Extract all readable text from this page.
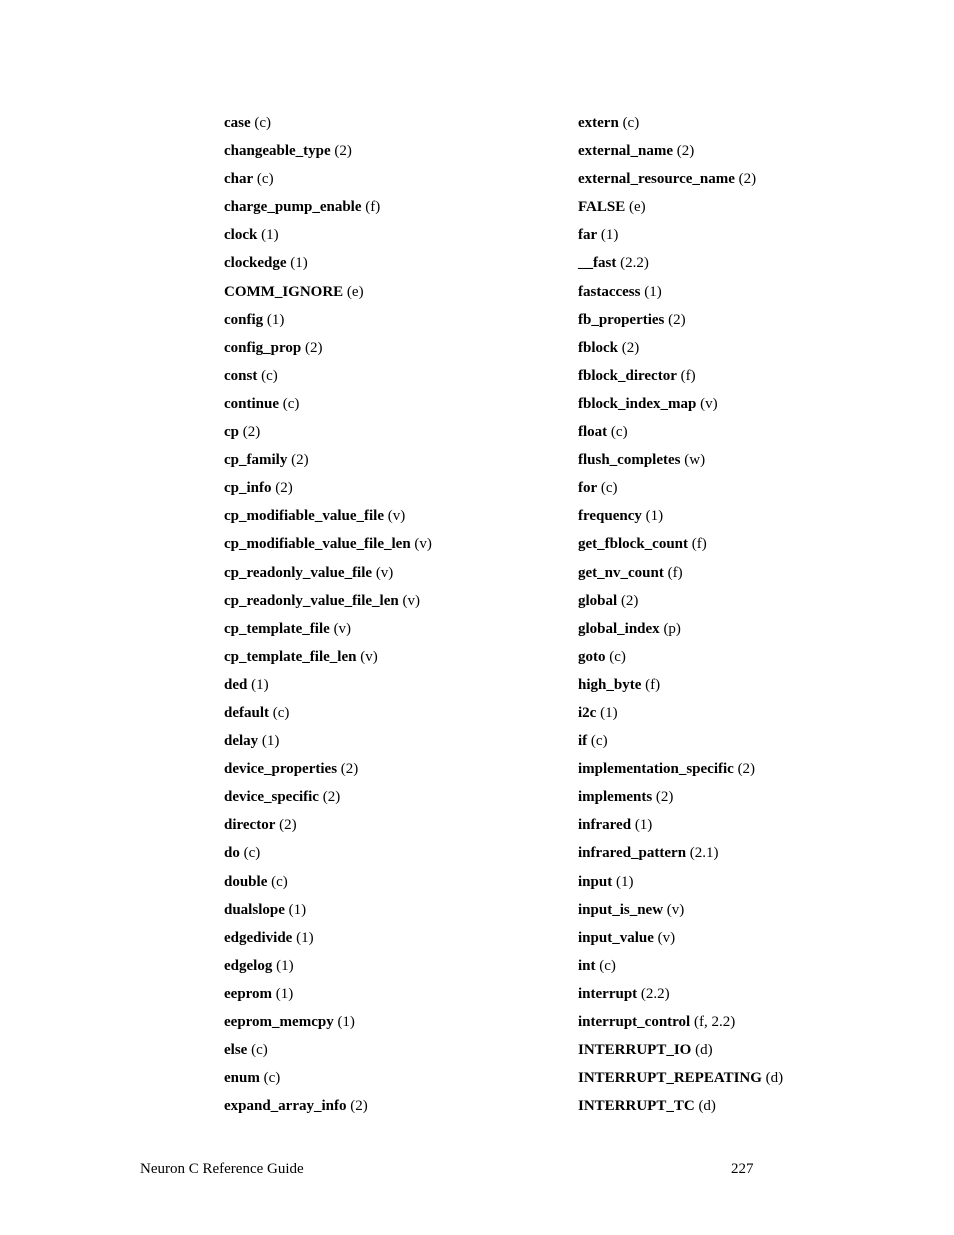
case (c)
changeable_type (2)
char (c)
charge_pump_enable (f)
clock (1)
clockedge (1)
COMM_IGNORE (e)
config (1)
config_prop (2)
const (c)
continue (c)
cp (2)
cp_family (2)
cp_info (2)
cp_modifiable_value_file (v)
cp_modifiable_value_file_len (v)
cp_readonly_value_file (v)
cp_readonly_value_file_len (v)
cp_template_file (v)
cp_template_file_len (v)
ded (1)
default (c)
delay (1)
device_properties (2)
device_specific (2)
director (2)
do (c)
double (c)
dualslope (1)
edgedivide (1)
edgelog (1)
eeprom (1)
eeprom_memcpy (1)
else (c)
enum (c)
expand_array_info (2)
extern (c)
external_name (2)
external_resource_name (2)
FALSE (e)
far (1)
__fast (2.2)
fastaccess (1)
fb_properties (2)
fblock (2)
fblock_director (f)
fblock_index_map (v)
float (c)
flush_completes (w)
for (c)
frequency (1)
get_fblock_count (f)
get_nv_count (f)
global (2)
global_index (p)
goto (c)
high_byte (f)
i2c (1)
if (c)
implementation_specific (2)
implements (2)
infrared (1)
infrared_pattern (2.1)
input (1)
input_is_new (v)
input_value (v)
int (c)
interrupt (2.2)
interrupt_control (f, 2.2)
INTERRUPT_IO (d)
INTERRUPT_REPEATING (d)
INTERRUPT_TC (d)
Neuron C Reference Guide	227
